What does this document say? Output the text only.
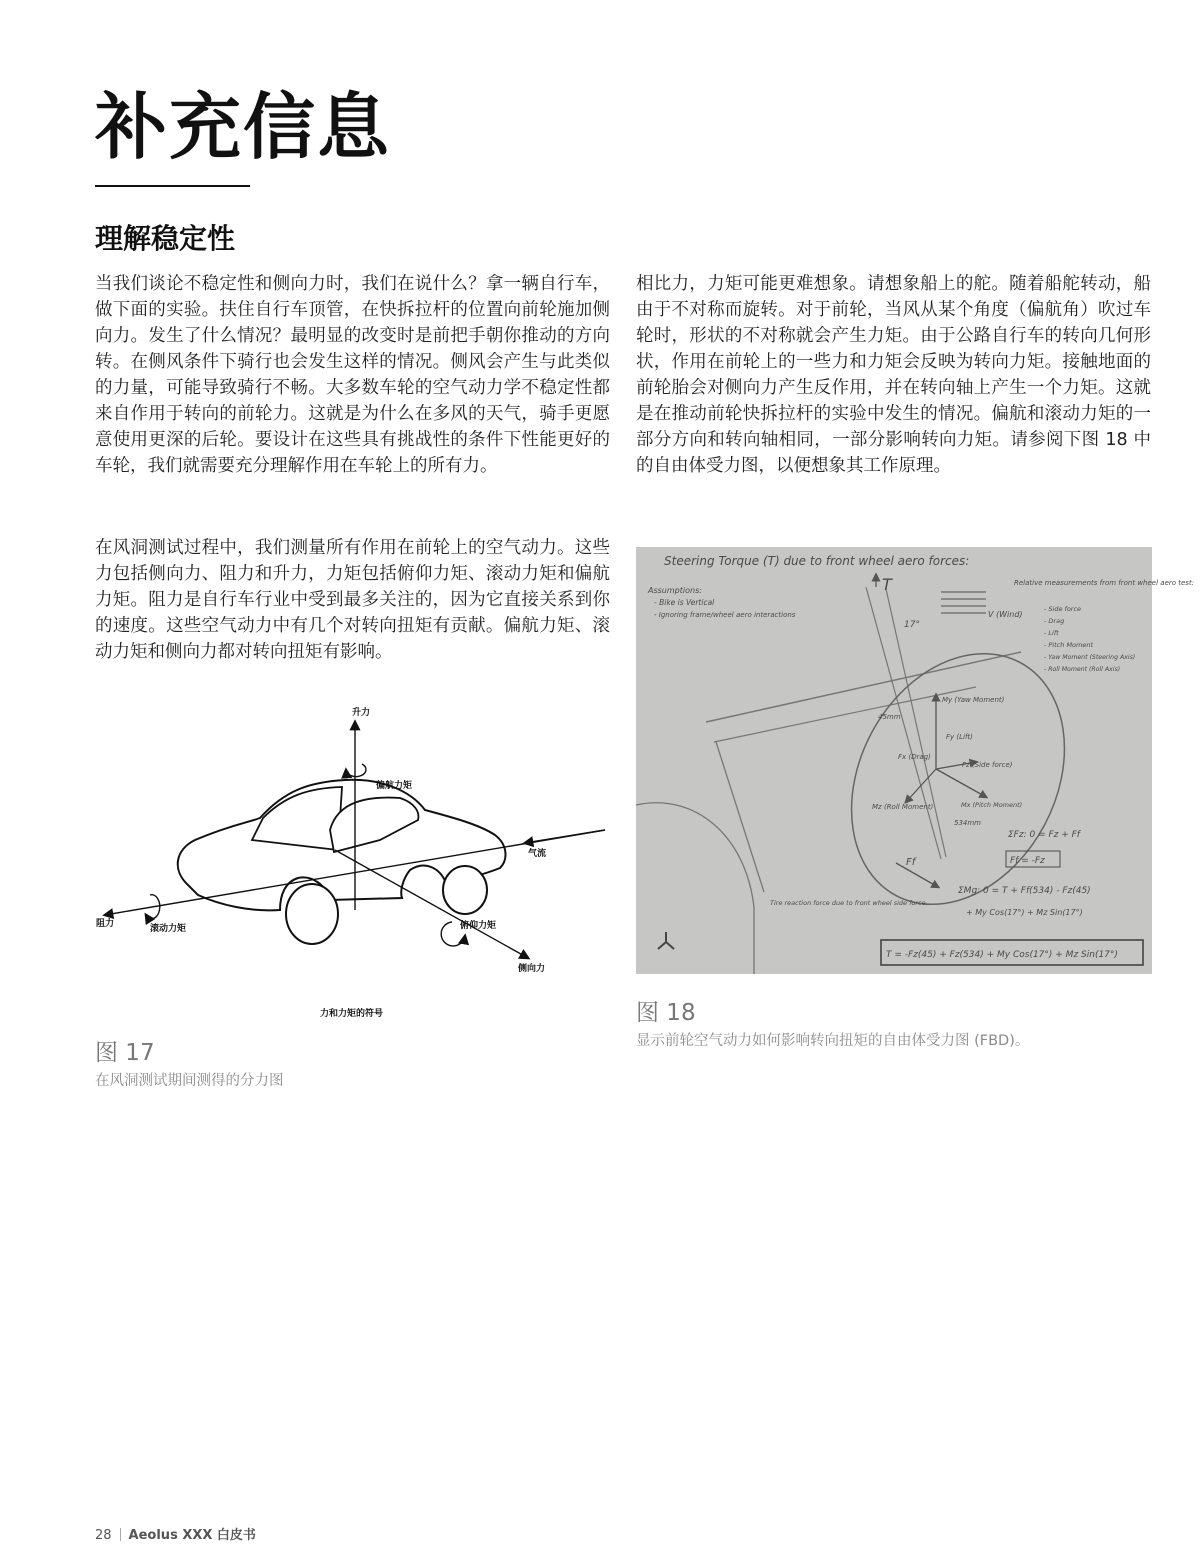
补充信息
理解稳定性

当我们谈论不稳定性和侧向力时，我们在说什么？拿一辆自行车，做下面的实验。扶住自行车顶管，在快拆拉杆的位置向前轮施加侧向力。发生了什么情况？最明显的改变时是前把手朝你推动的方向转。在侧风条件下骑行也会发生这样的情况。侧风会产生与此类似的力量，可能导致骑行不畅。大多数车轮的空气动力学不稳定性都来自作用于转向的前轮力。这就是为什么在多风的天气，骑手更愿意使用更深的后轮。要设计在这些具有挑战性的条件下性能更好的车轮，我们就需要充分理解作用在车轮上的所有力。

在风洞测试过程中，我们测量所有作用在前轮上的空气动力。这些力包括侧向力、阻力和升力，力矩包括俯仰力矩、滚动力矩和偏航力矩。阻力是自行车行业中受到最多关注的，因为它直接关系到你的速度。这些空气动力中有几个对转向扭矩有贡献。偏航力矩、滚动力矩和侧向力都对转向扭矩有影响。

相比力，力矩可能更难想象。请想象船上的舵。随着船舵转动，船由于不对称而旋转。对于前轮，当风从某个角度（偏航角）吹过车轮时，形状的不对称就会产生力矩。由于公路自行车的转向几何形状，作用在前轮上的一些力和力矩会反映为转向力矩。接触地面的前轮胎会对侧向力产生反作用，并在转向轴上产生一个力矩。这就是在推动前轮快拆拉杆的实验中发生的情况。偏航和滚动力矩的一部分方向和转向轴相同，一部分影响转向力矩。请参阅下图 18 中的自由体受力图，以便想象其工作原理。

升力
偏航力矩
气流
阻力	滚动力矩	俯仰力矩
侧向力
力和力矩的符号

图 17

在风洞测试期间测得的分力图

Steering Torque (T) due to front wheel aero forces:
Assumptions:
- Bike is Vertical
- Ignoring frame/wheel aero interactions
T
V (Wind)
Relative measurements from front wheel aero test:
- Side force
- Drag
- Lift
- Pitch Moment
- Yaw Moment (Steering Axis)
- Roll Moment (Roll Axis)
17°
45mm
534mm
My (Yaw Moment)
Fy (Lift)
Fx (Drag)
Fz (Side force)
Mx (Pitch Moment)
Mz (Roll Moment)
Ff
Tire reaction force due to front wheel side force.
ΣFz: 0 = Fz + Ff
Ff = -Fz
ΣMg: 0 = T + Ff(534) - Fz(45)
+ My Cos(17°) + Mz Sin(17°)
T = -Fz(45) + Fz(534) + My Cos(17°) + Mz Sin(17°)

图 18

显示前轮空气动力如何影响转向扭矩的自由体受力图 (FBD)。

28 Aeolus XXX 白皮书
